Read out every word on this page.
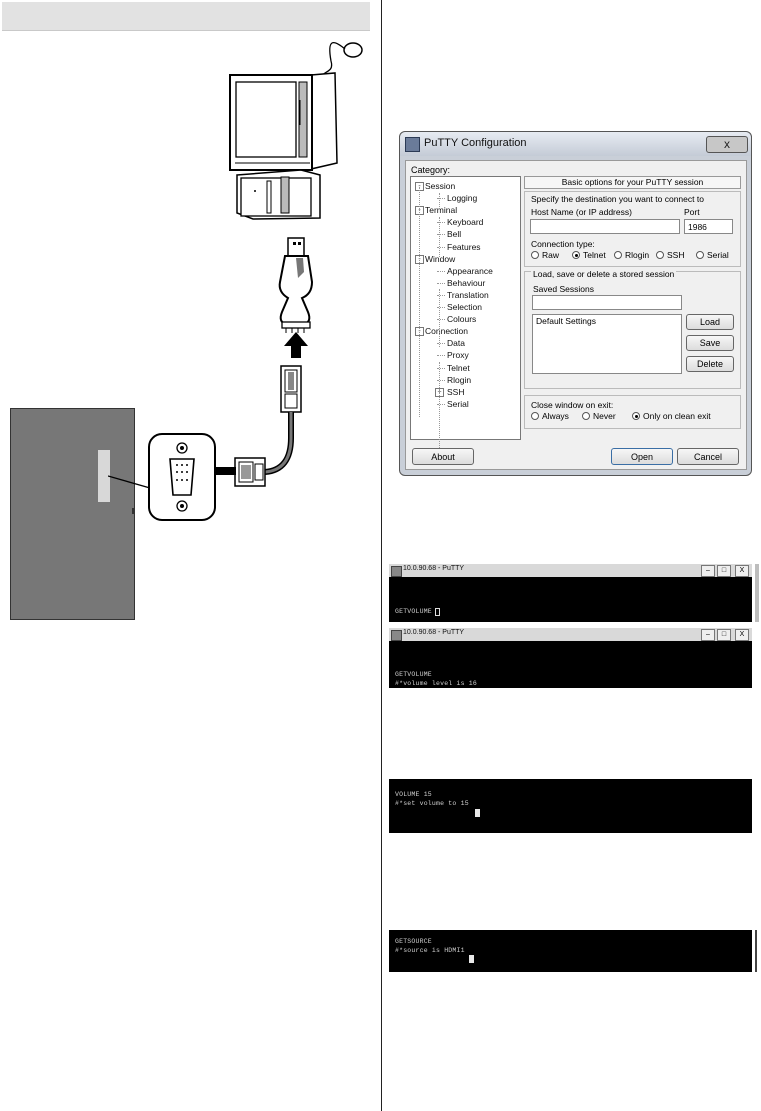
PuTTY Configuration	x
Category:
- Session
Logging
- Terminal
Keyboard
Bell
Features
- Window
Appearance
Behaviour
Translation
Selection
Colours
- Connection
Data
Proxy
Telnet
Rlogin
+ SSH
Serial
Basic options for your PuTTY session
Specify the destination you want to connect to
Host Name (or IP address)	Port
1986
Connection type:
Raw	Telnet Rlogin SSH	Serial
Load, save or delete a stored session
Saved Sessions
Default Settings	Load
Save
Delete
Close window on exit:
Always	Never	Only on clean exit
About	Open	Cancel
10.0.90.68 - PuTTY	–	□	X
GETVOLUME
10.0.90.68 - PuTTY	–	□	X
GETVOLUME
#*volume level is 16
VOLUME 15
#*set volume to 15
GETSOURCE
#*source is HDMI1
